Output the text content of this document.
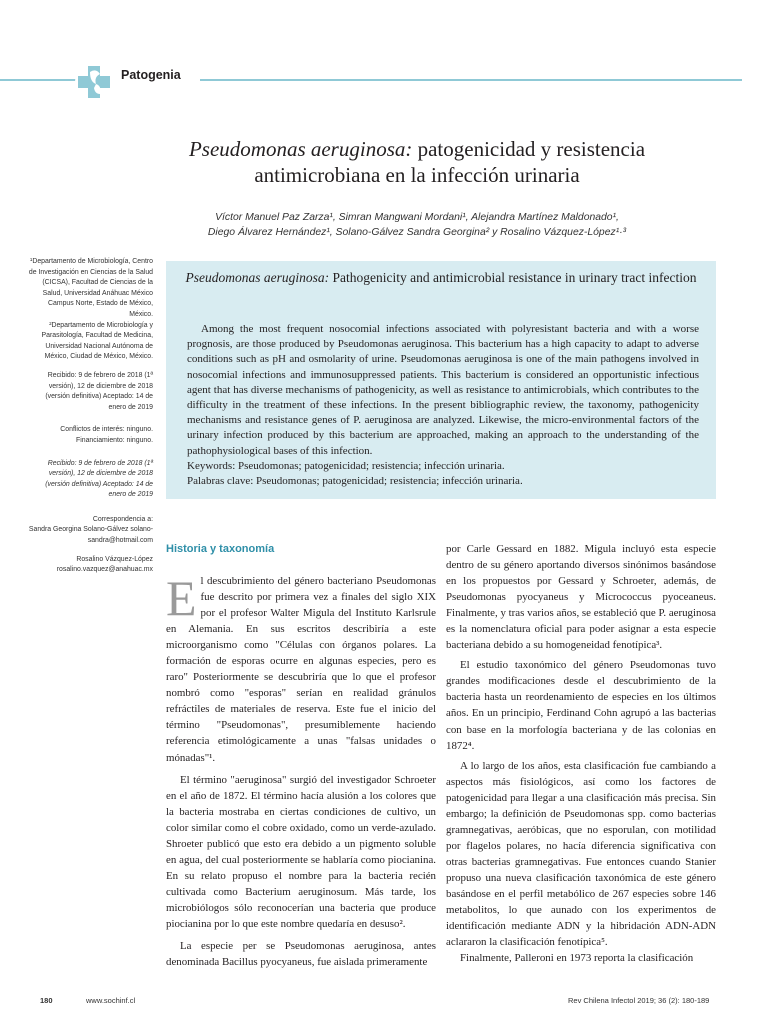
Patogenia
Pseudomonas aeruginosa: patogenicidad y resistencia antimicrobiana en la infección urinaria
Víctor Manuel Paz Zarza¹, Simran Mangwani Mordani¹, Alejandra Martínez Maldonado¹,
Diego Álvarez Hernández¹, Solano-Gálvez Sandra Georgina² y Rosalino Vázquez-López¹·³

¹Departamento de Microbiología, Centro de Investigación en Ciencias de la Salud (CICSA), Facultad de Ciencias de la Salud, Universidad Anáhuac México Campus Norte, Estado de México, México.

²Departamento de Microbiología y Parasitología, Facultad de Medicina, Universidad Nacional Autónoma de México, Ciudad de México, México.

Recibido: 9 de febrero de 2018 (1ª versión), 12 de diciembre de 2018 (versión definitiva) Aceptado: 14 de enero de 2019

Conflictos de interés: ninguno. Financiamiento: ninguno.

Recibido: 9 de febrero de 2018 (1ª versión), 12 de diciembre de 2018 (versión definitiva) Aceptado: 14 de enero de 2019

Correspondencia a:

Sandra Georgina Solano-Gálvez solano-sandra@hotmail.com

Rosalino Vázquez-López rosalino.vazquez@anahuac.mx

Pseudomonas aeruginosa: Pathogenicity and antimicrobial resistance in urinary tract infection

Among the most frequent nosocomial infections associated with polyresistant bacteria and with a worse prognosis, are those produced by Pseudomonas aeruginosa. This bacterium has a high capacity to adapt to adverse conditions such as pH and osmolarity of urine. Pseudomonas aeruginosa is one of the main pathogens involved in nosocomial infections and immunosuppressed patients. This bacterium is considered an opportunistic infectious agent that has diverse mechanisms of pathogenicity, as well as resistance to antimicrobials, which contributes to the difficulty in the treatment of these infections. In the present bibliographic review, the taxonomy, pathogenicity mechanisms and resistance genes of P. aeruginosa are analyzed. Likewise, the micro-environmental factors of the urinary infection produced by this bacterium are approached, making an approach to the understanding of the pathophysiological bases of this infection.

Keywords: Pseudomonas; patogenicidad; resistencia; infección urinaria.
Palabras clave: Pseudomonas; patogenicidad; resistencia; infección urinaria.
Historia y taxonomía

El descubrimiento del género bacteriano Pseudomonas fue descrito por primera vez a finales del siglo XIX por el profesor Walter Migula del Instituto Karlsrule en Alemania. En sus escritos describiría a este microorganismo como "Células con órganos polares. La formación de esporas ocurre en algunas especies, pero es raro" Posteriormente se descubriría que lo que el profesor nombró como "esporas" serían en realidad gránulos refráctiles de materiales de reserva. Este fue el inicio del término "Pseudomonas", presumiblemente haciendo referencia etimológicamente a unas "falsas unidades o mónadas"¹.

El término "aeruginosa" surgió del investigador Schroeter en el año de 1872. El término hacía alusión a los colores que la bacteria mostraba en ciertas condiciones de cultivo, un color similar como el cobre oxidado, como un verde-azulado. Shroeter publicó que esto era debido a un pigmento soluble en agua, del cual posteriormente se hablaría como piocianina. En su relato propuso el nombre para la bacteria recién cultivada como Bacterium aeruginosum. Más tarde, los microbiólogos sólo reconocerían una bacteria que produce piocianina por lo que este nombre quedaría en desuso².

La especie per se Pseudomonas aeruginosa, antes denominada Bacillus pyocyaneus, fue aislada primeramente

por Carle Gessard en 1882. Migula incluyó esta especie dentro de su género aportando diversos sinónimos basándose en los propuestos por Gessard y Schroeter, además, de Pseudomonas pyocyaneus y Micrococcus pyoceaneus. Finalmente, y tras varios años, se estableció que P. aeruginosa es la nomenclatura oficial para poder asignar a esta especie bacteriana debido a su homogeneidad fenotípica³.

El estudio taxonómico del género Pseudomonas tuvo grandes modificaciones desde el descubrimiento de la bacteria hasta un reordenamiento de especies en los últimos años. En un principio, Ferdinand Cohn agrupó a las bacterias con base en la morfología bacteriana y de las colonias en 1872⁴.

A lo largo de los años, esta clasificación fue cambiando a aspectos más fisiológicos, así como los factores de patogenicidad para llegar a una clasificación más precisa. Sin embargo; la definición de Pseudomonas spp. como bacterias gramnegativas, aeróbicas, que no esporulan, con motilidad por flagelos polares, no hacía diferencia significativa con otras bacterias gramnegativas. Fue entonces cuando Stanier propuso una nueva clasificación taxonómica de este género basándose en el perfil metabólico de 267 especies sobre 146 metabolitos, lo que aunado con los experimentos de identificación mediante ADN y la hibridación ADN-ADN aclararon la clasificación fenotípica⁵.

Finalmente, Palleroni en 1973 reporta la clasificación

180	www.sochinf.cl	Rev Chilena Infectol 2019; 36 (2): 180-189
